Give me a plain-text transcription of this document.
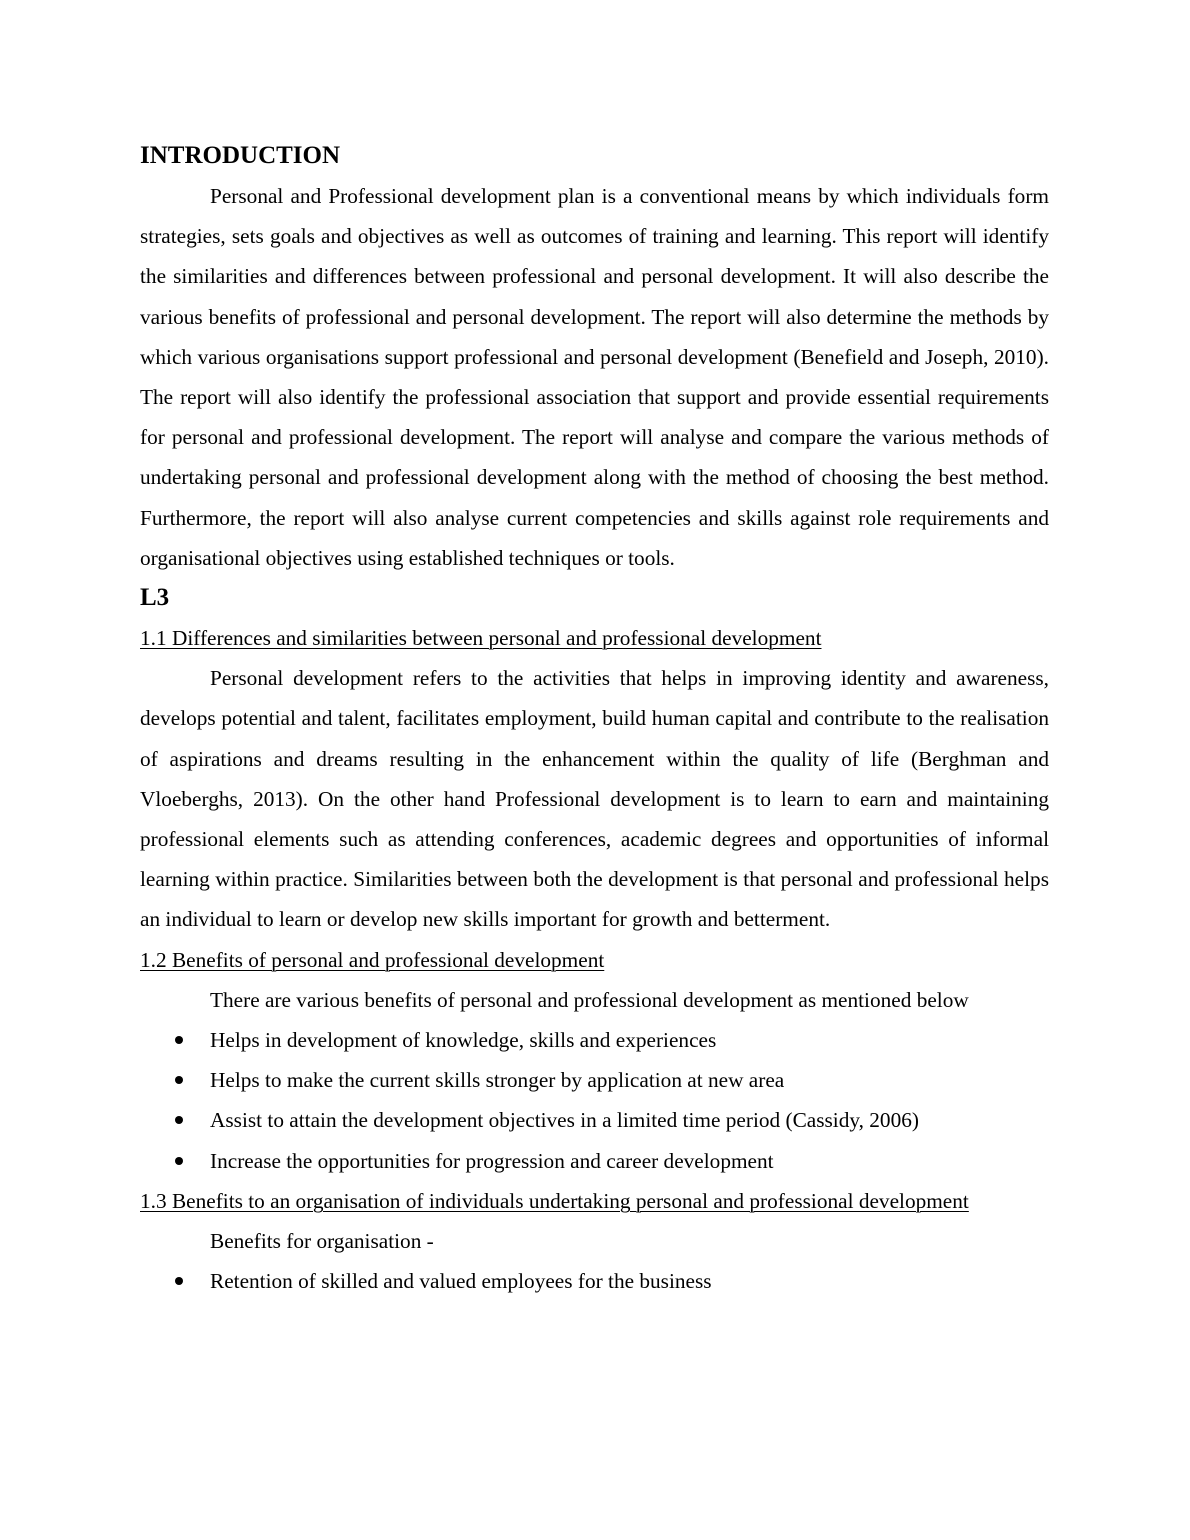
INTRODUCTION

Personal and Professional development plan is a conventional means by which individuals form strategies, sets goals and objectives as well as outcomes of training and learning. This report will identify the similarities and differences between professional and personal development. It will also describe the various benefits of professional and personal development. The report will also determine the methods by which various organisations support professional and personal development (Benefield and Joseph, 2010). The report will also identify the professional association that support and provide essential requirements for personal and professional development. The report will analyse and compare the various methods of undertaking personal and professional development along with the method of choosing the best method. Furthermore, the report will also analyse current competencies and skills against role requirements and organisational objectives using established techniques or tools.

L3
1.1 Differences and similarities between personal and professional development

Personal development refers to the activities that helps in improving identity and awareness, develops potential and talent, facilitates employment, build human capital and contribute to the realisation of aspirations and dreams resulting in the enhancement within the quality of life (Berghman and Vloeberghs, 2013). On the other hand Professional development is to learn to earn and maintaining professional elements such as attending conferences, academic degrees and opportunities of informal learning within practice. Similarities between both the development is that personal and professional helps an individual to learn or develop new skills important for growth and betterment.

1.2 Benefits of personal and professional development

There are various benefits of personal and professional development as mentioned below

Helps in development of knowledge, skills and experiences
Helps to make the current skills stronger by application at new area
Assist to attain the development objectives in a limited time period (Cassidy, 2006)
Increase the opportunities for progression and career development
1.3 Benefits to an organisation of individuals undertaking personal and professional development

Benefits for organisation -

Retention of skilled and valued employees for the business
